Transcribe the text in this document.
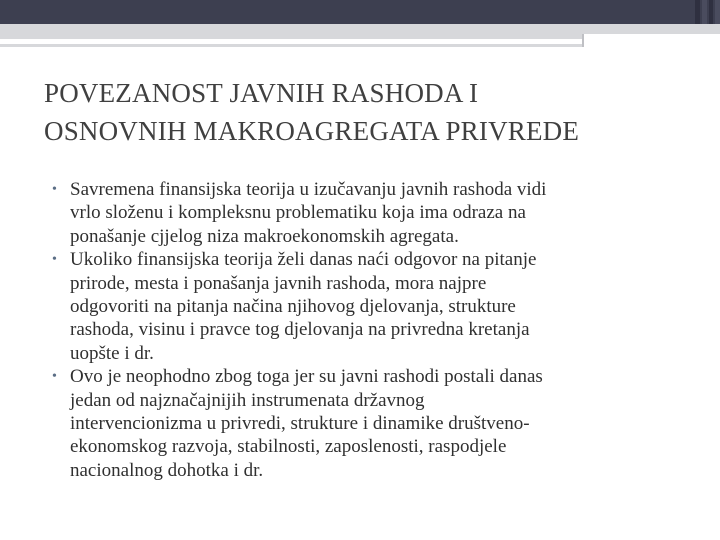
POVEZANOST JAVNIH RASHODA I
OSNOVNIH MAKROAGREGATA PRIVREDE
• Savremena finansijska teorija u izučavanju javnih rashoda vidi
vrlo složenu i kompleksnu problematiku koja ima odraza na
ponašanje cjjelog niza makroekonomskih agregata.
• Ukoliko finansijska teorija želi danas naći odgovor na pitanje
prirode, mesta i ponašanja javnih rashoda, mora najpre
odgovoriti na pitanja načina njihovog djelovanja, strukture
rashoda, visinu i pravce tog djelovanja na privredna kretanja
uopšte i dr.
• Ovo je neophodno zbog toga jer su javni rashodi postali danas
jedan od najznačajnijih instrumenata državnog
intervencionizma u privredi, strukture i dinamike društveno-
ekonomskog razvoja, stabilnosti, zaposlenosti, raspodjele
nacionalnog dohotka i dr.
